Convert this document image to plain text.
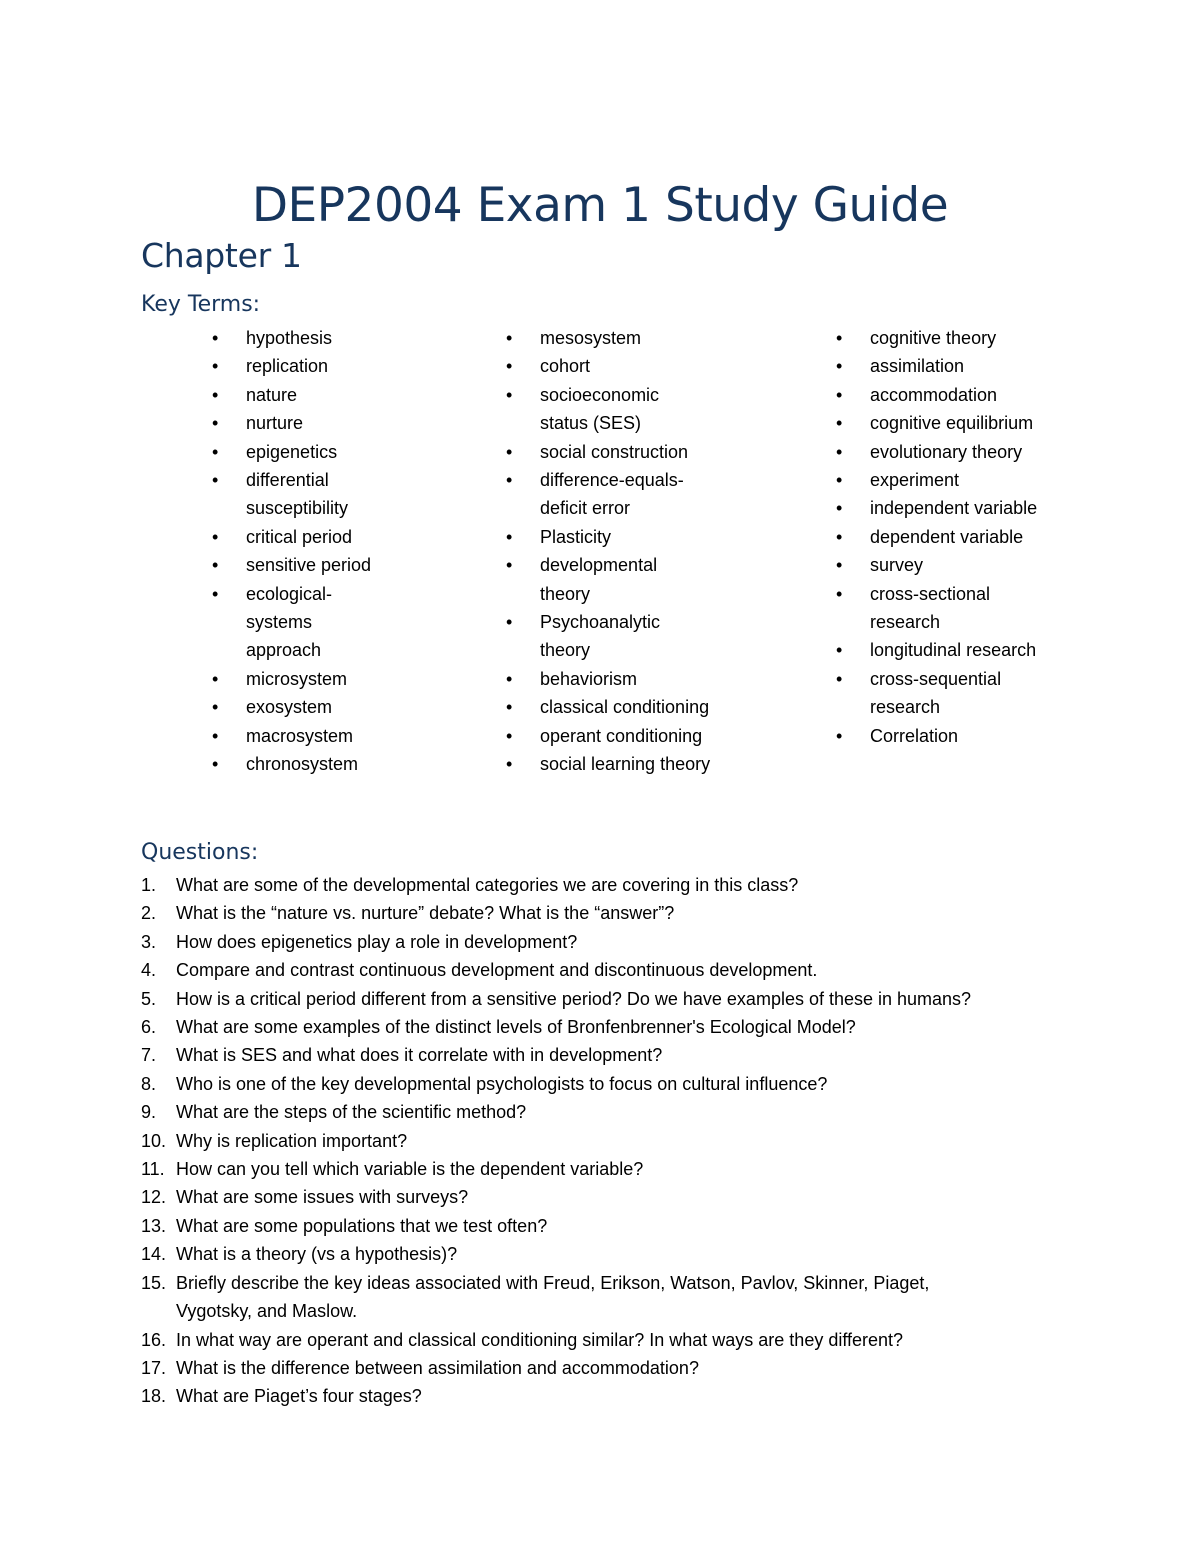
DEP2004 Exam 1 Study Guide
Chapter 1
Key Terms:
• hypothesis
• replication
• nature
• nurture
• epigenetics
• differential
susceptibility
• critical period
• sensitive period
• ecological-
systems
approach
• microsystem
• exosystem
• macrosystem
• chronosystem
• mesosystem
• cohort
• socioeconomic
status (SES)
• social construction
• difference-equals-
deficit error
• Plasticity
• developmental
theory
• Psychoanalytic
theory
• behaviorism
• classical conditioning
• operant conditioning
• social learning theory
• cognitive theory
• assimilation
• accommodation
• cognitive equilibrium
• evolutionary theory
• experiment
• independent variable
• dependent variable
• survey
• cross-sectional
research
• longitudinal research
• cross-sequential
research
• Correlation
Questions:
1. What are some of the developmental categories we are covering in this class?
2. What is the “nature vs. nurture” debate? What is the “answer”?
3. How does epigenetics play a role in development?
4. Compare and contrast continuous development and discontinuous development.
5. How is a critical period different from a sensitive period? Do we have examples of these in humans?
6. What are some examples of the distinct levels of Bronfenbrenner's Ecological Model?
7. What is SES and what does it correlate with in development?
8. Who is one of the key developmental psychologists to focus on cultural influence?
9. What are the steps of the scientific method?
10. Why is replication important?
11. How can you tell which variable is the dependent variable?
12. What are some issues with surveys?
13. What are some populations that we test often?
14. What is a theory (vs a hypothesis)?
15. Briefly describe the key ideas associated with Freud, Erikson, Watson, Pavlov, Skinner, Piaget,
Vygotsky, and Maslow.
16. In what way are operant and classical conditioning similar? In what ways are they different?
17. What is the difference between assimilation and accommodation?
18. What are Piaget’s four stages?
